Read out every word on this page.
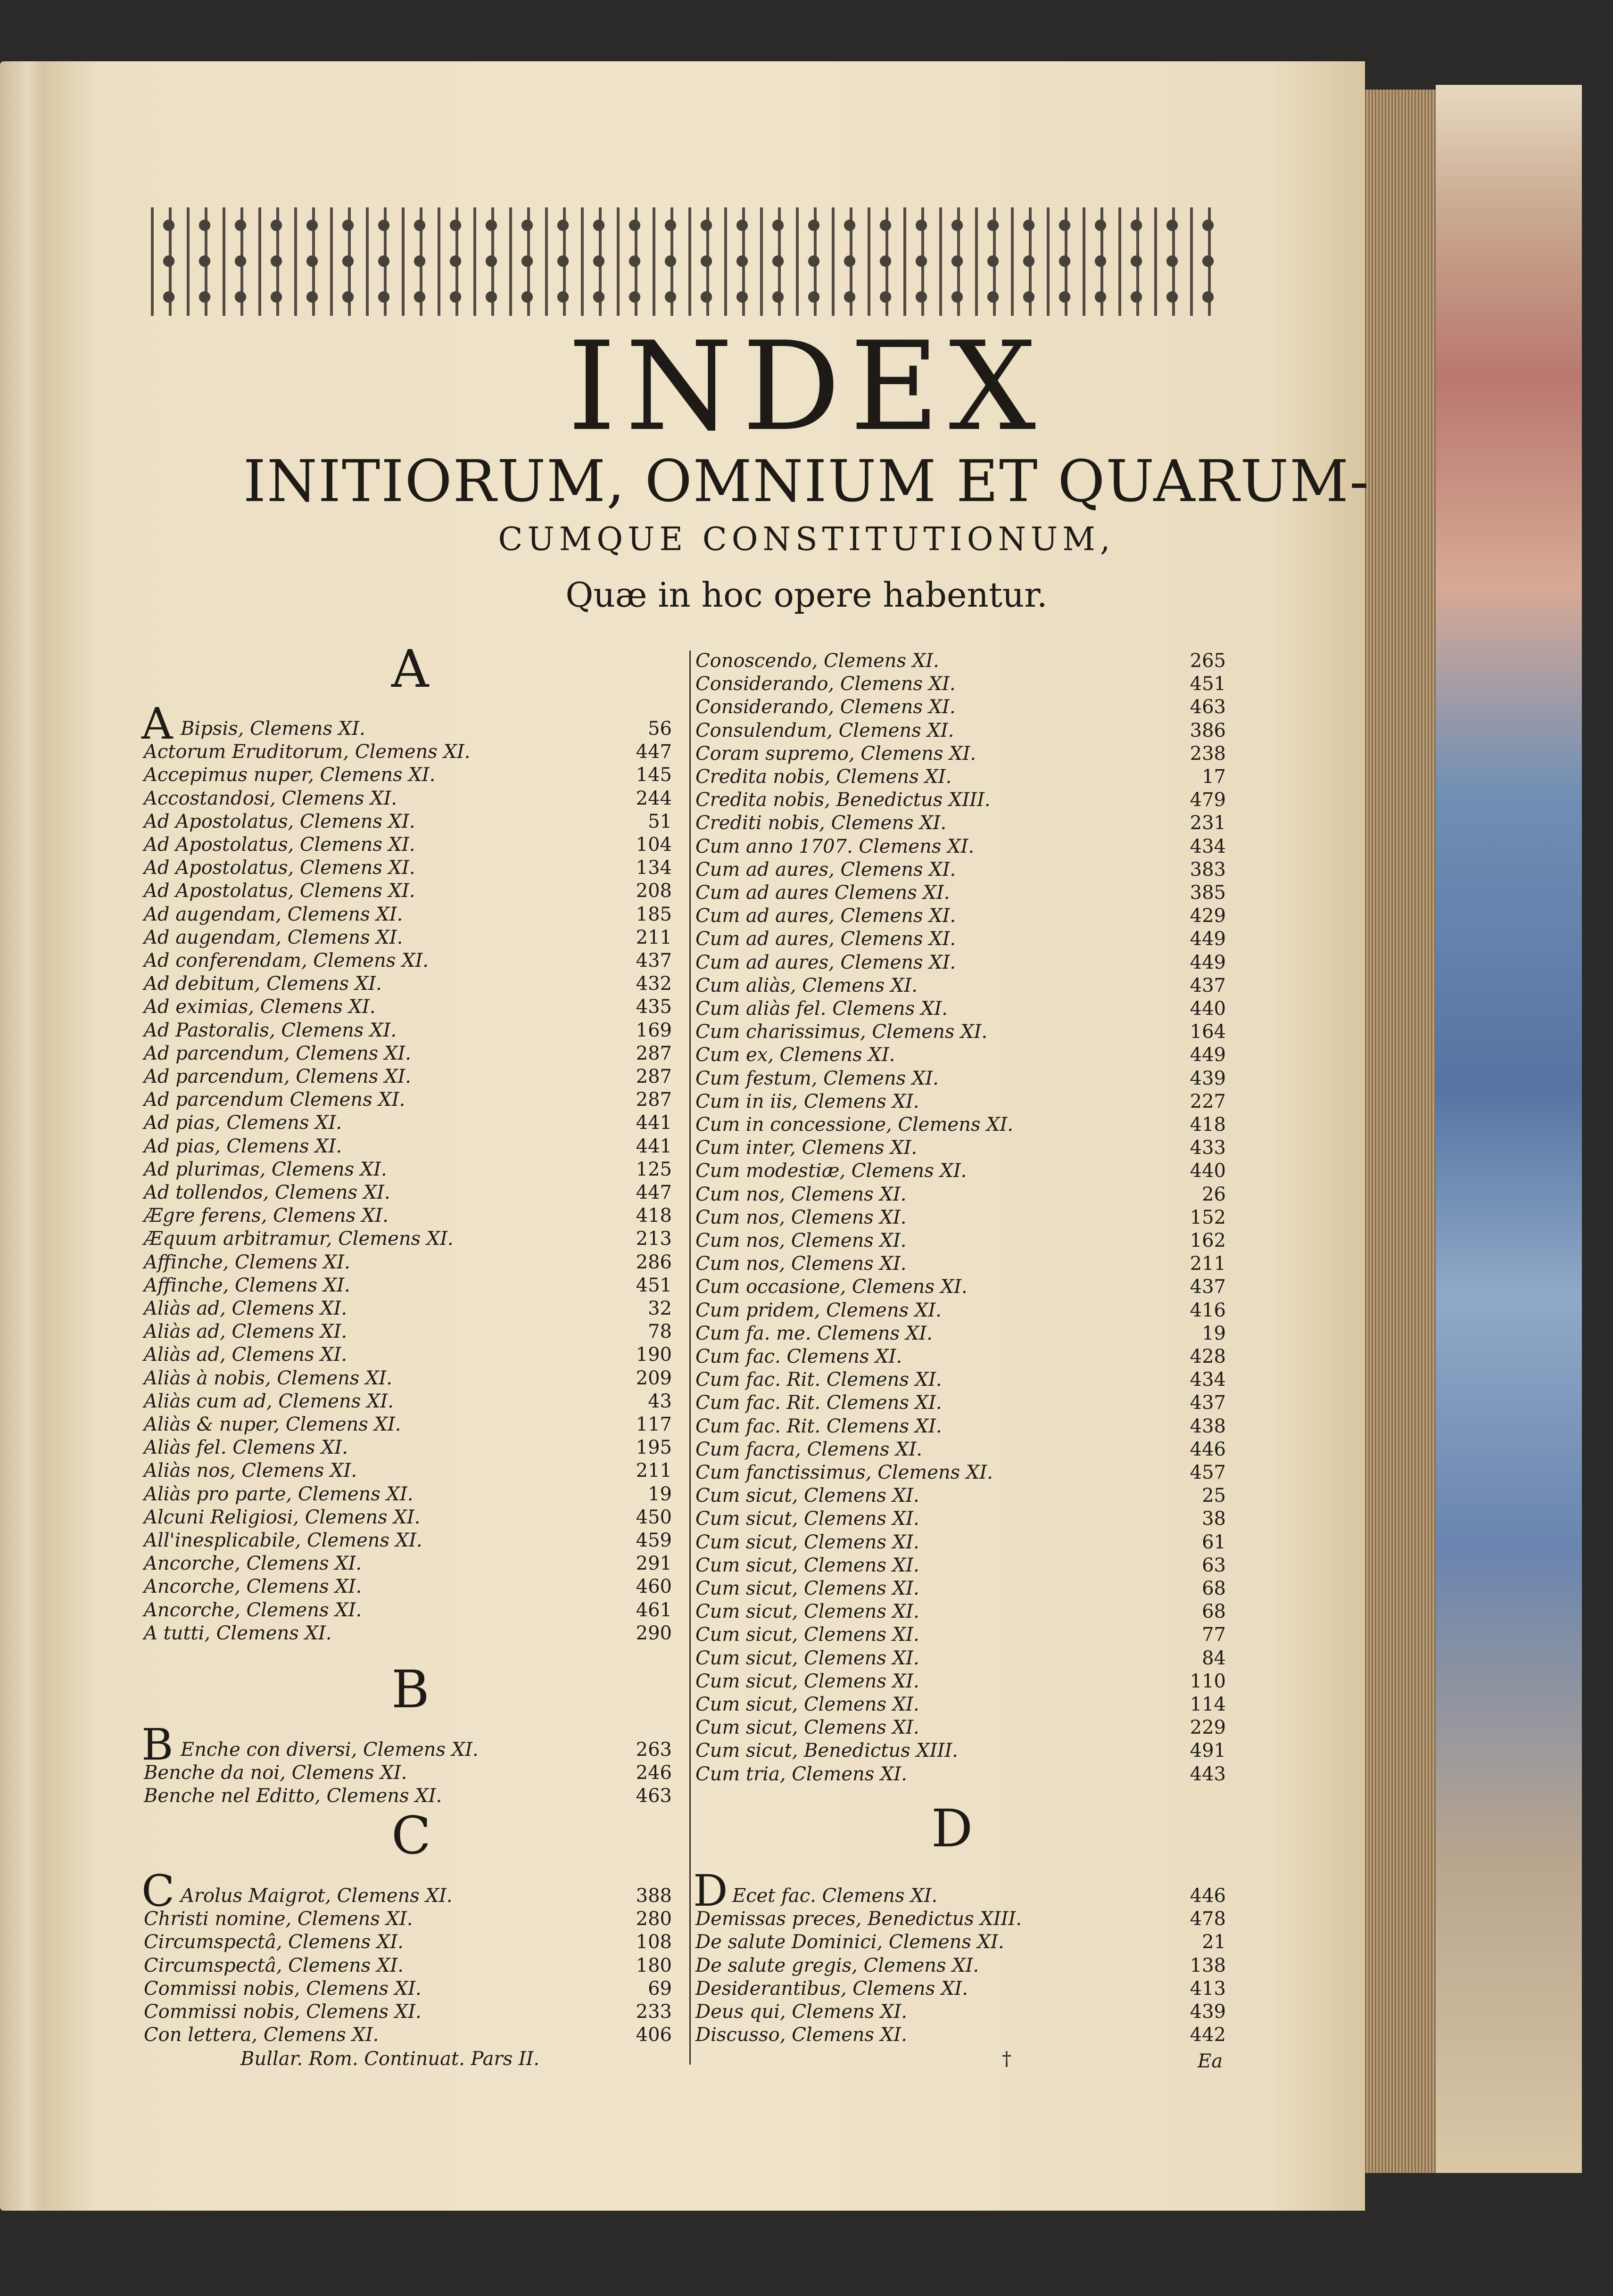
INDEX
INITIORUM, OMNIUM ET QUARUM-
CUMQUE CONSTITUTIONUM,
Quæ in hoc opere habentur.
A
B
C	D
A Bipsis, Clemens XI.	56
Actorum Eruditorum, Clemens XI.	447
Accepimus nuper, Clemens XI.	145
Accostandosi, Clemens XI.	244
Ad Apostolatus, Clemens XI.	51
Ad Apostolatus, Clemens XI.	104
Ad Apostolatus, Clemens XI.	134
Ad Apostolatus, Clemens XI.	208
Ad augendam, Clemens XI.	185
Ad augendam, Clemens XI.	211
Ad conferendam, Clemens XI.	437
Ad debitum, Clemens XI.	432
Ad eximias, Clemens XI.	435
Ad Pastoralis, Clemens XI.	169
Ad parcendum, Clemens XI.	287
Ad parcendum, Clemens XI.	287
Ad parcendum Clemens XI.	287
Ad pias, Clemens XI.	441
Ad pias, Clemens XI.	441
Ad plurimas, Clemens XI.	125
Ad tollendos, Clemens XI.	447
Ægre ferens, Clemens XI.	418
Æquum arbitramur, Clemens XI.	213
Affinche, Clemens XI.	286
Affinche, Clemens XI.	451
Aliàs ad, Clemens XI.	32
Aliàs ad, Clemens XI.	78
Aliàs ad, Clemens XI.	190
Aliàs à nobis, Clemens XI.	209
Aliàs cum ad, Clemens XI.	43
Aliàs & nuper, Clemens XI.	117
Aliàs fel. Clemens XI.	195
Aliàs nos, Clemens XI.	211
Aliàs pro parte, Clemens XI.	19
Alcuni Religiosi, Clemens XI.	450
All'inesplicabile, Clemens XI.	459
Ancorche, Clemens XI.	291
Ancorche, Clemens XI.	460
Ancorche, Clemens XI.	461
A tutti, Clemens XI.	290
B Enche con diversi, Clemens XI.	263
Benche da noi, Clemens XI.	246
Benche nel Editto, Clemens XI.	463
C Arolus Maigrot, Clemens XI.	388
Christi nomine, Clemens XI.	280
Circumspectâ, Clemens XI.	108
Circumspectâ, Clemens XI.	180
Commissi nobis, Clemens XI.	69
Commissi nobis, Clemens XI.	233
Con lettera, Clemens XI.	406
Conoscendo, Clemens XI.	265
Considerando, Clemens XI.	451
Considerando, Clemens XI.	463
Consulendum, Clemens XI.	386
Coram supremo, Clemens XI.	238
Credita nobis, Clemens XI.	17
Credita nobis, Benedictus XIII.	479
Crediti nobis, Clemens XI.	231
Cum anno 1707. Clemens XI.	434
Cum ad aures, Clemens XI.	383
Cum ad aures Clemens XI.	385
Cum ad aures, Clemens XI.	429
Cum ad aures, Clemens XI.	449
Cum ad aures, Clemens XI.	449
Cum aliàs, Clemens XI.	437
Cum aliàs fel. Clemens XI.	440
Cum charissimus, Clemens XI.	164
Cum ex, Clemens XI.	449
Cum festum, Clemens XI.	439
Cum in iis, Clemens XI.	227
Cum in concessione, Clemens XI.	418
Cum inter, Clemens XI.	433
Cum modestiæ, Clemens XI.	440
Cum nos, Clemens XI.	26
Cum nos, Clemens XI.	152
Cum nos, Clemens XI.	162
Cum nos, Clemens XI.	211
Cum occasione, Clemens XI.	437
Cum pridem, Clemens XI.	416
Cum fa. me. Clemens XI.	19
Cum fac. Clemens XI.	428
Cum fac. Rit. Clemens XI.	434
Cum fac. Rit. Clemens XI.	437
Cum fac. Rit. Clemens XI.	438
Cum facra, Clemens XI.	446
Cum fanctissimus, Clemens XI.	457
Cum sicut, Clemens XI.	25
Cum sicut, Clemens XI.	38
Cum sicut, Clemens XI.	61
Cum sicut, Clemens XI.	63
Cum sicut, Clemens XI.	68
Cum sicut, Clemens XI.	68
Cum sicut, Clemens XI.	77
Cum sicut, Clemens XI.	84
Cum sicut, Clemens XI.	110
Cum sicut, Clemens XI.	114
Cum sicut, Clemens XI.	229
Cum sicut, Benedictus XIII.	491
Cum tria, Clemens XI.	443
D Ecet fac. Clemens XI.	446
Demissas preces, Benedictus XIII.	478
De salute Dominici, Clemens XI.	21
De salute gregis, Clemens XI.	138
Desiderantibus, Clemens XI.	413
Deus qui, Clemens XI.	439
Discusso, Clemens XI.	442
Bullar. Rom. Continuat. Pars II.	†	Ea
